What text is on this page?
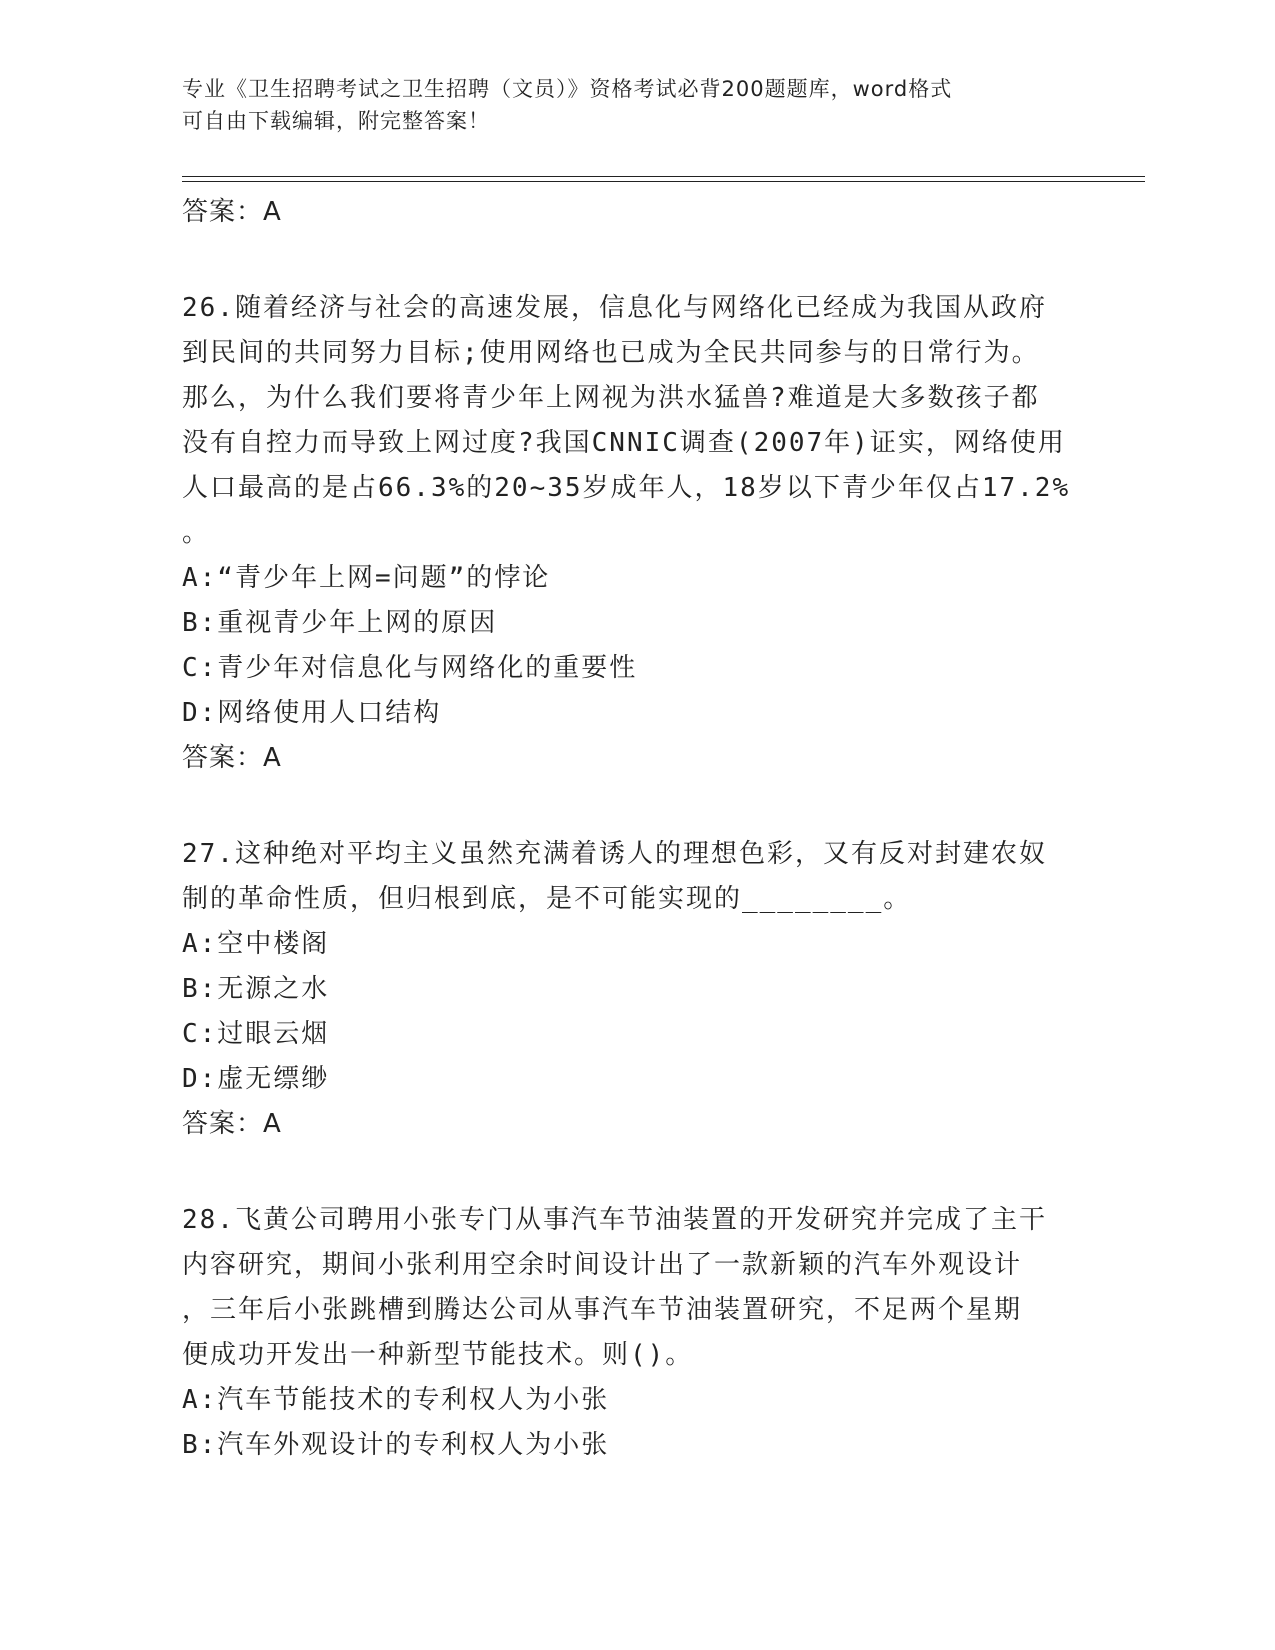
专业《卫生招聘考试之卫生招聘（文员）》资格考试必背200题题库，word格式
可自由下载编辑，附完整答案！
答案：A
26.随着经济与社会的高速发展，信息化与网络化已经成为我国从政府
到民间的共同努力目标;使用网络也已成为全民共同参与的日常行为。
那么，为什么我们要将青少年上网视为洪水猛兽?难道是大多数孩子都
没有自控力而导致上网过度?我国CNNIC调查(2007年)证实，网络使用
人口最高的是占66.3%的20~35岁成年人，18岁以下青少年仅占17.2%
。
A:“青少年上网=问题”的悖论
B:重视青少年上网的原因
C:青少年对信息化与网络化的重要性
D:网络使用人口结构
答案：A
27.这种绝对平均主义虽然充满着诱人的理想色彩，又有反对封建农奴
制的革命性质，但归根到底，是不可能实现的________。
A:空中楼阁
B:无源之水
C:过眼云烟
D:虚无缥缈
答案：A
28.飞黄公司聘用小张专门从事汽车节油装置的开发研究并完成了主干
内容研究，期间小张利用空余时间设计出了一款新颖的汽车外观设计
，三年后小张跳槽到腾达公司从事汽车节油装置研究，不足两个星期
便成功开发出一种新型节能技术。则()。
A:汽车节能技术的专利权人为小张
B:汽车外观设计的专利权人为小张
